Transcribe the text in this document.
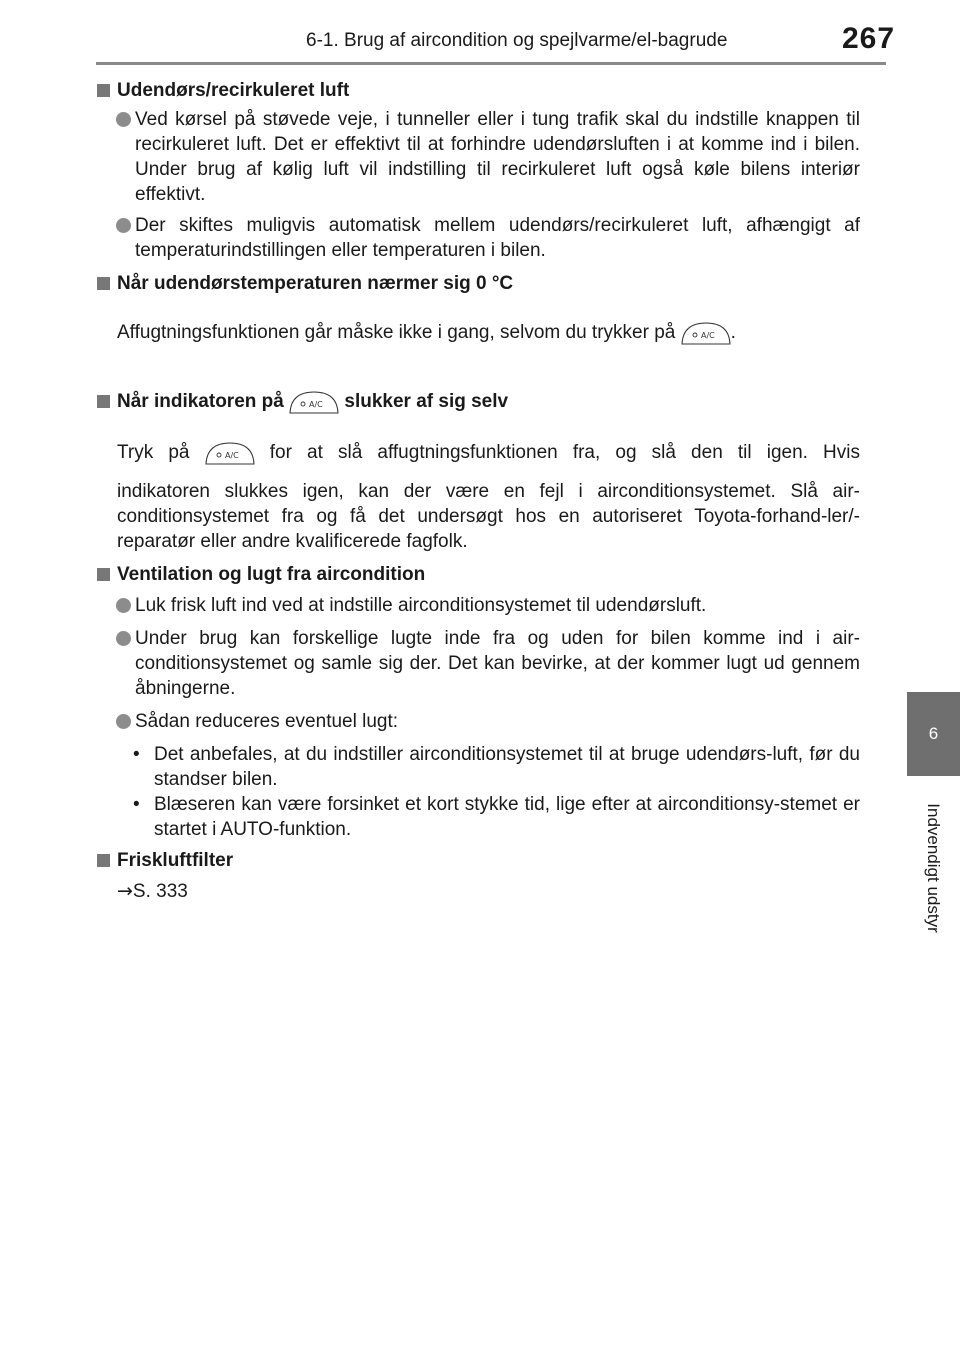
6-1. Brug af aircondition og spejlvarme/el-bagrude	267
6
Indvendigt udstyr

Udendørs/recirkuleret luft

Ved kørsel på støvede veje, i tunneller eller i tung trafik skal du indstille knappen til recirkuleret luft. Det er effektivt til at forhindre udendørsluften i at komme ind i bilen. Under brug af kølig luft vil indstilling til recirkuleret luft også køle bilens interiør effektivt.

Der skiftes muligvis automatisk mellem udendørs/recirkuleret luft, afhængigt af temperaturindstillingen eller temperaturen i bilen.

Når udendørstemperaturen nærmer sig 0 °C

Affugtningsfunktionen går måske ikke i gang, selvom du trykker på	A/C .

Når indikatoren på	A/C slukker af sig selv

Tryk på	A/C for at slå affugtningsfunktionen fra, og slå den til igen. Hvis

indikatoren slukkes igen, kan der være en fejl i airconditionsystemet. Slå air-conditionsystemet fra og få det undersøgt hos en autoriseret Toyota-forhand-ler/-reparatør eller andre kvalificerede fagfolk.

Ventilation og lugt fra aircondition

Luk frisk luft ind ved at indstille airconditionsystemet til udendørsluft.

Under brug kan forskellige lugte inde fra og uden for bilen komme ind i air-conditionsystemet og samle sig der. Det kan bevirke, at der kommer lugt ud gennem åbningerne.

Sådan reduceres eventuel lugt:

• Det anbefales, at du indstiller airconditionsystemet til at bruge udendørs-luft, før du standser bilen.

• Blæseren kan være forsinket et kort stykke tid, lige efter at airconditionsy-stemet er startet i AUTO-funktion.

Friskluftfilter

→S. 333
